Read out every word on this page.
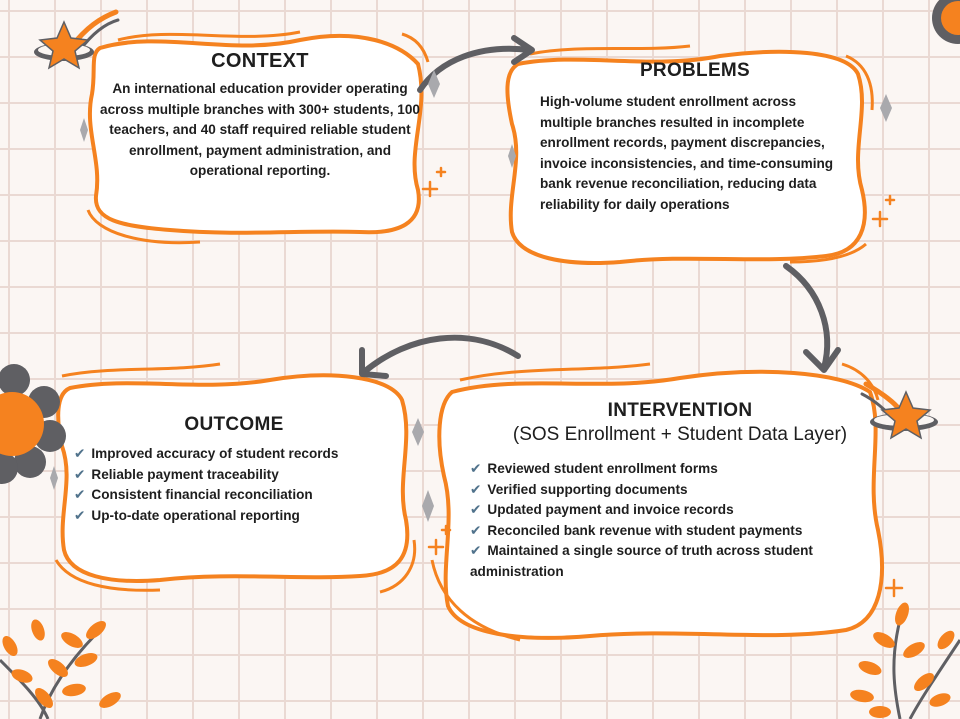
CONTEXT
An international education provider operating across multiple branches with 300+ students, 100 teachers, and 40 staff required reliable student enrollment, payment administration, and operational reporting.
PROBLEMS
High-volume student enrollment across multiple branches resulted in incomplete enrollment records, payment discrepancies, invoice inconsistencies, and time-consuming bank revenue reconciliation, reducing data reliability for daily operations
OUTCOME
✔ Improved accuracy of student records
✔ Reliable payment traceability
✔ Consistent financial reconciliation
✔ Up-to-date operational reporting
INTERVENTION
(SOS Enrollment + Student Data Layer)
✔ Reviewed student enrollment forms
✔ Verified supporting documents
✔ Updated payment and invoice records
✔ Reconciled bank revenue with student payments
✔ Maintained a single source of truth across student administration
